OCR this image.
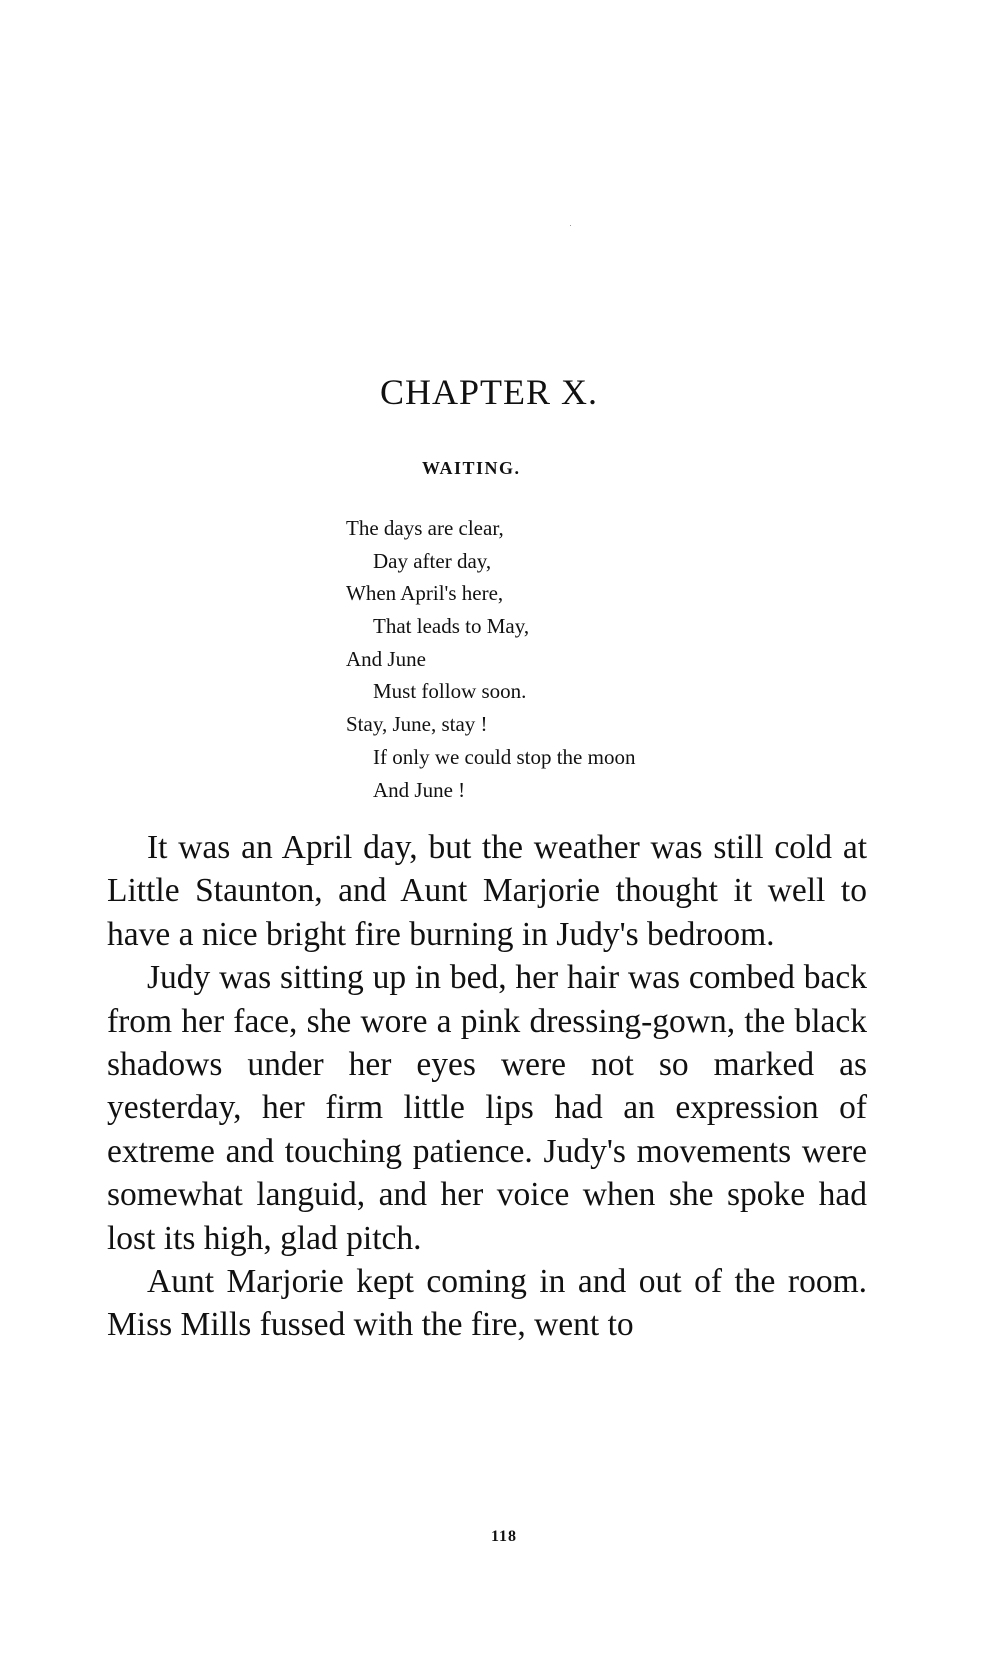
CHAPTER X.
WAITING.
The days are clear,
Day after day,
When April's here,
That leads to May,
And June
Must follow soon.
Stay, June, stay !
If only we could stop the moon
And June !

It was an April day, but the weather was still cold at Little Staunton, and Aunt Marjorie thought it well to have a nice bright fire burning in Judy's bedroom.

Judy was sitting up in bed, her hair was combed back from her face, she wore a pink dressing-gown, the black shadows under her eyes were not so marked as yesterday, her firm little lips had an expression of extreme and touching patience. Judy's movements were somewhat languid, and her voice when she spoke had lost its high, glad pitch.

Aunt Marjorie kept coming in and out of the room. Miss Mills fussed with the fire, went to

118
